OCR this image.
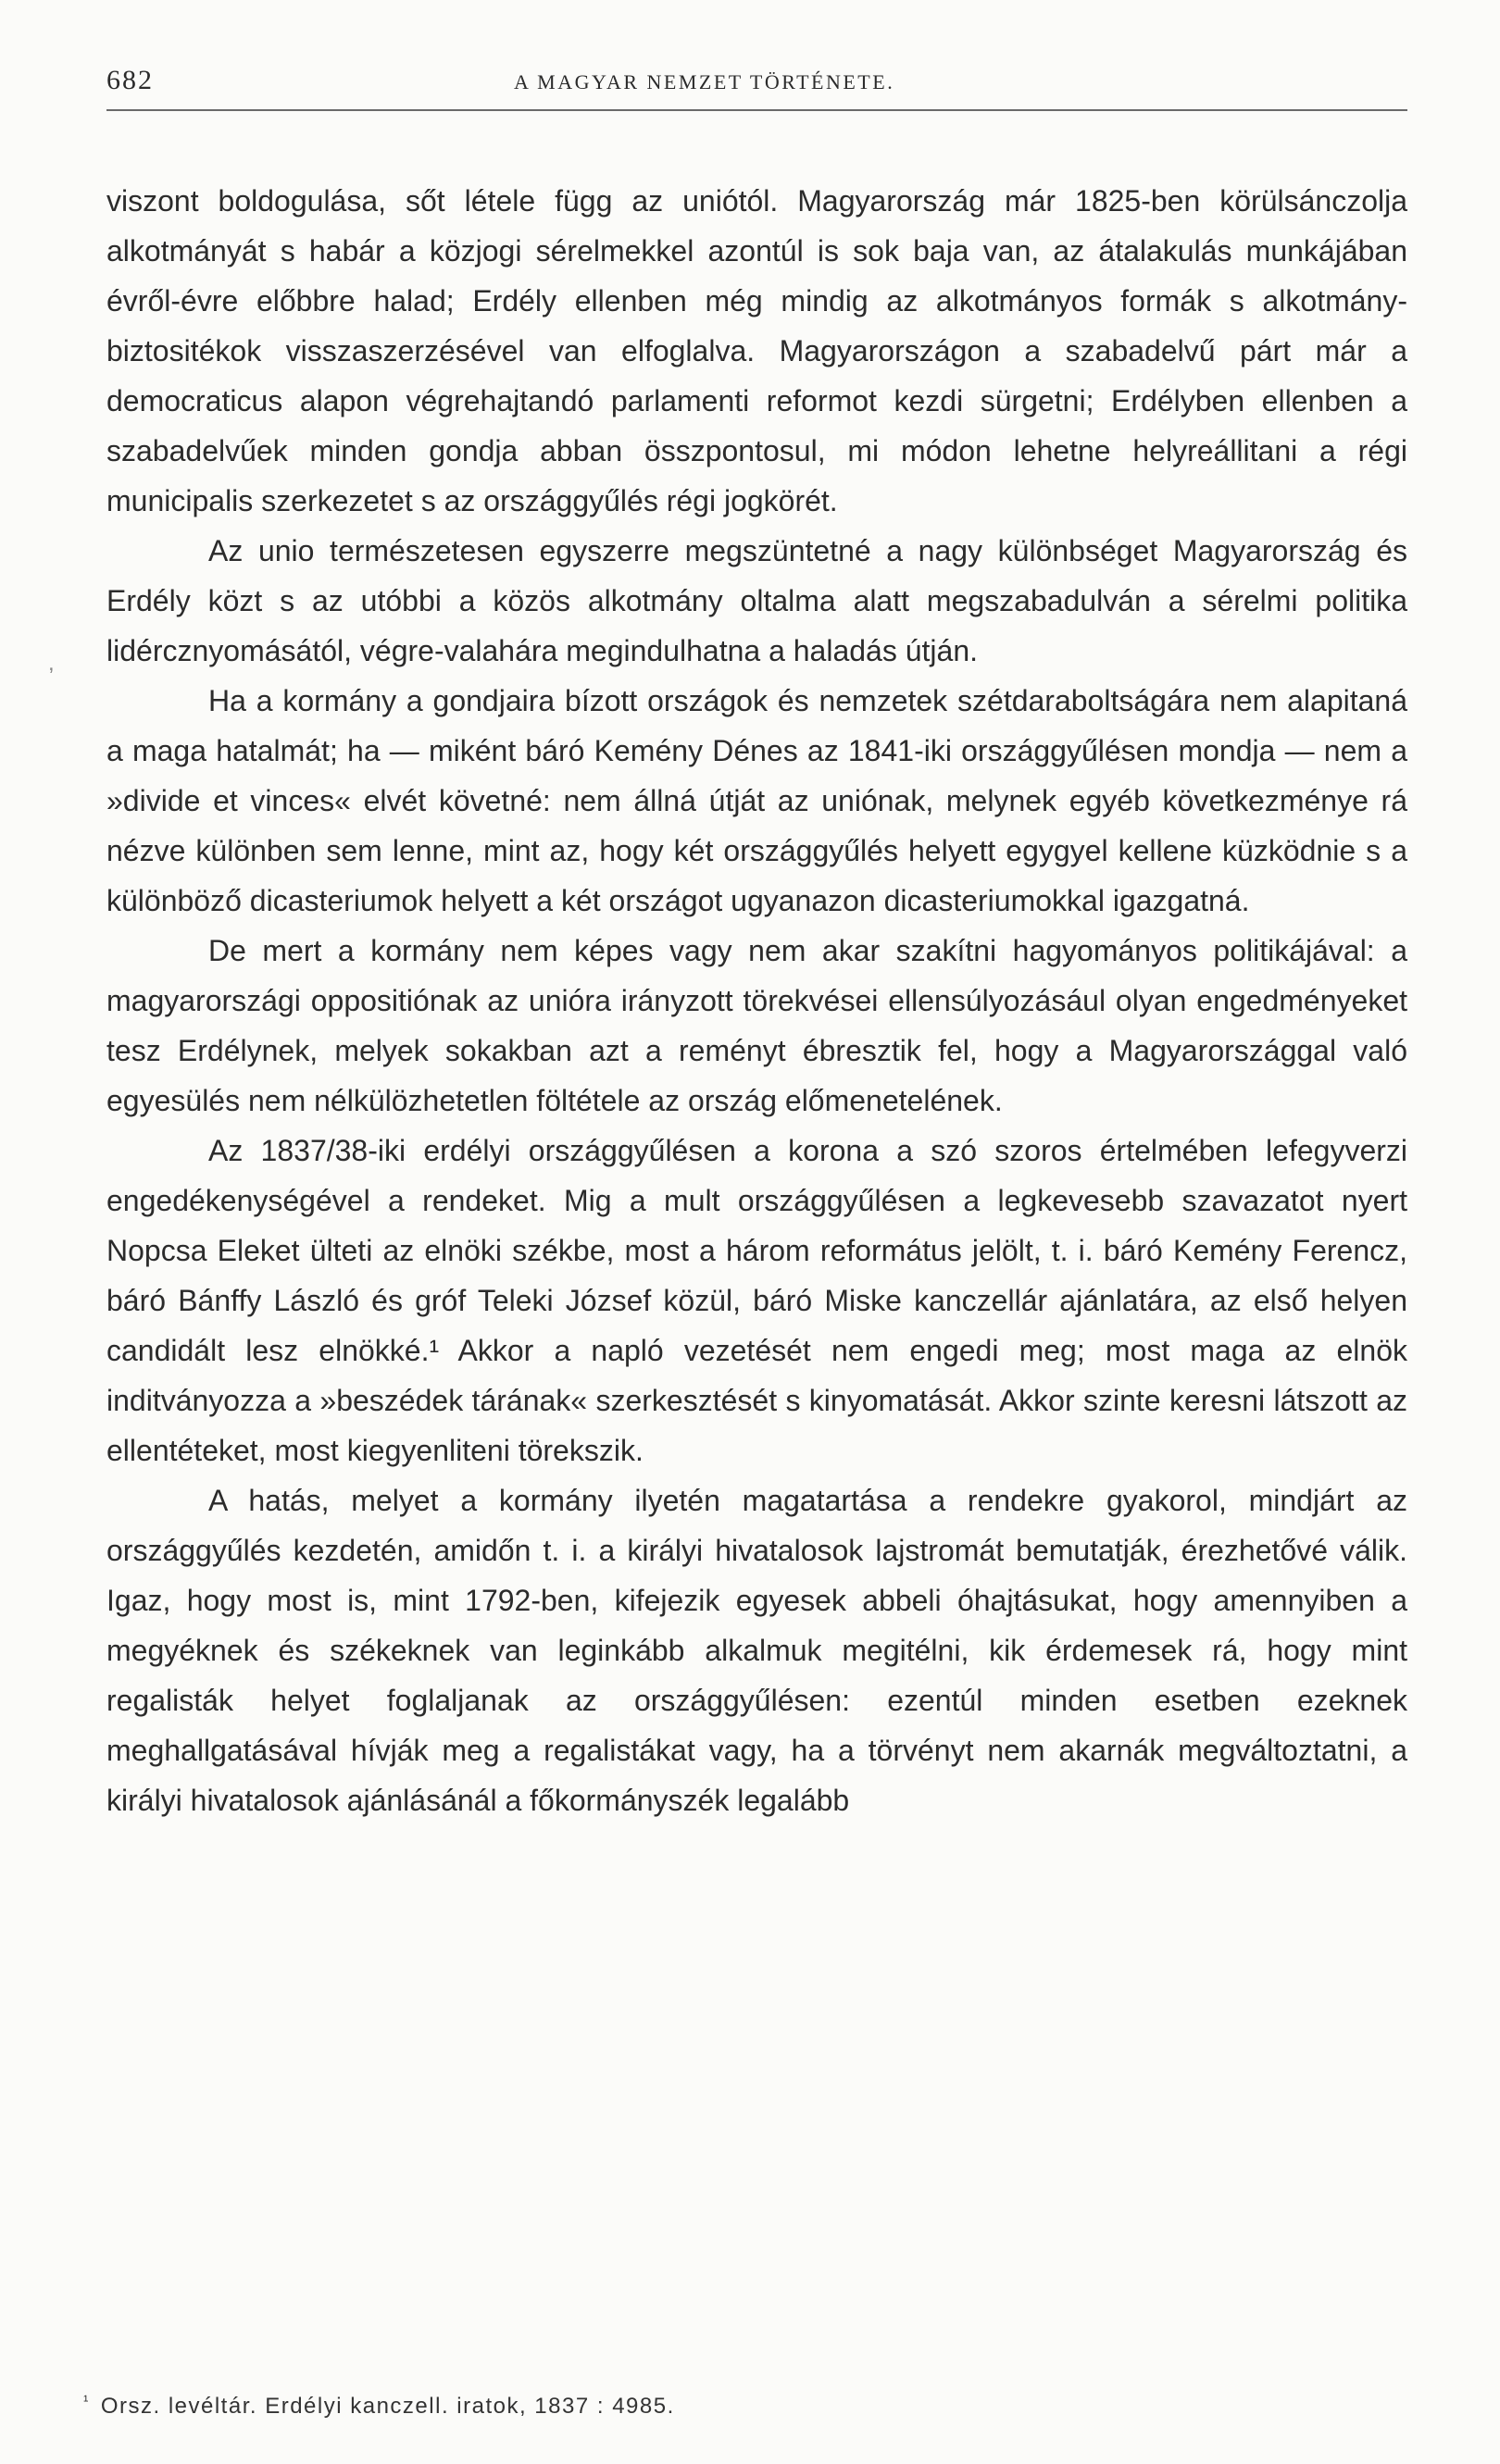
682	A MAGYAR NEMZET TÖRTÉNETE.

viszont boldogulása, sőt létele függ az uniótól. Magyarország már 1825-ben körülsánczolja alkotmányát s habár a közjogi sérelmekkel azontúl is sok baja van, az átalakulás munkájában évről-évre előbbre halad; Erdély ellenben még mindig az alkotmányos formák s alkotmány-biztositékok visszaszerzésével van elfoglalva. Magyarországon a szabadelvű párt már a democraticus alapon végrehajtandó parlamenti reformot kezdi sürgetni; Erdélyben ellenben a szabadelvűek minden gondja abban összpontosul, mi módon lehetne helyreállitani a régi municipalis szerkezetet s az országgyűlés régi jogkörét.

Az unio természetesen egyszerre megszüntetné a nagy különbséget Magyarország és Erdély közt s az utóbbi a közös alkotmány oltalma alatt megszabadulván a sérelmi politika lidércznyomásától, végre-valahára megindulhatna a haladás útján.

Ha a kormány a gondjaira bízott országok és nemzetek szétdaraboltságára nem alapitaná a maga hatalmát; ha — miként báró Kemény Dénes az 1841-iki országgyűlésen mondja — nem a »divide et vinces« elvét követné: nem állná útját az uniónak, melynek egyéb következménye rá nézve különben sem lenne, mint az, hogy két országgyűlés helyett egygyel kellene küzködnie s a különböző dicasteriumok helyett a két országot ugyanazon dicasteriumokkal igazgatná.

De mert a kormány nem képes vagy nem akar szakítni hagyományos politikájával: a magyarországi oppositiónak az unióra irányzott törekvései ellensúlyozásául olyan engedményeket tesz Erdélynek, melyek sokakban azt a reményt ébresztik fel, hogy a Magyarországgal való egyesülés nem nélkülözhetetlen föltétele az ország előmenetelének.

Az 1837/38-iki erdélyi országgyűlésen a korona a szó szoros értelmében lefegyverzi engedékenységével a rendeket. Mig a mult országgyűlésen a legkevesebb szavazatot nyert Nopcsa Eleket ülteti az elnöki székbe, most a három református jelölt, t. i. báró Kemény Ferencz, báró Bánffy László és gróf Teleki József közül, báró Miske kanczellár ajánlatára, az első helyen candidált lesz elnökké.¹ Akkor a napló vezetését nem engedi meg; most maga az elnök inditványozza a »beszédek tárának« szerkesztését s kinyomatását. Akkor szinte keresni látszott az ellentéteket, most kiegyenliteni törekszik.

A hatás, melyet a kormány ilyetén magatartása a rendekre gyakorol, mindjárt az országgyűlés kezdetén, amidőn t. i. a királyi hivatalosok lajstromát bemutatják, érezhetővé válik. Igaz, hogy most is, mint 1792-ben, kifejezik egyesek abbeli óhajtásukat, hogy amennyiben a megyéknek és székeknek van leginkább alkalmuk megitélni, kik érdemesek rá, hogy mint regalisták helyet foglaljanak az országgyűlésen: ezentúl minden esetben ezeknek meghallgatásával hívják meg a regalistákat vagy, ha a törvényt nem akarnák megváltoztatni, a királyi hivatalosok ajánlásánál a főkormányszék legalább

,
$^{^1}$ Orsz. levéltár. Erdélyi kanczell. iratok, 1837 : 4985.
